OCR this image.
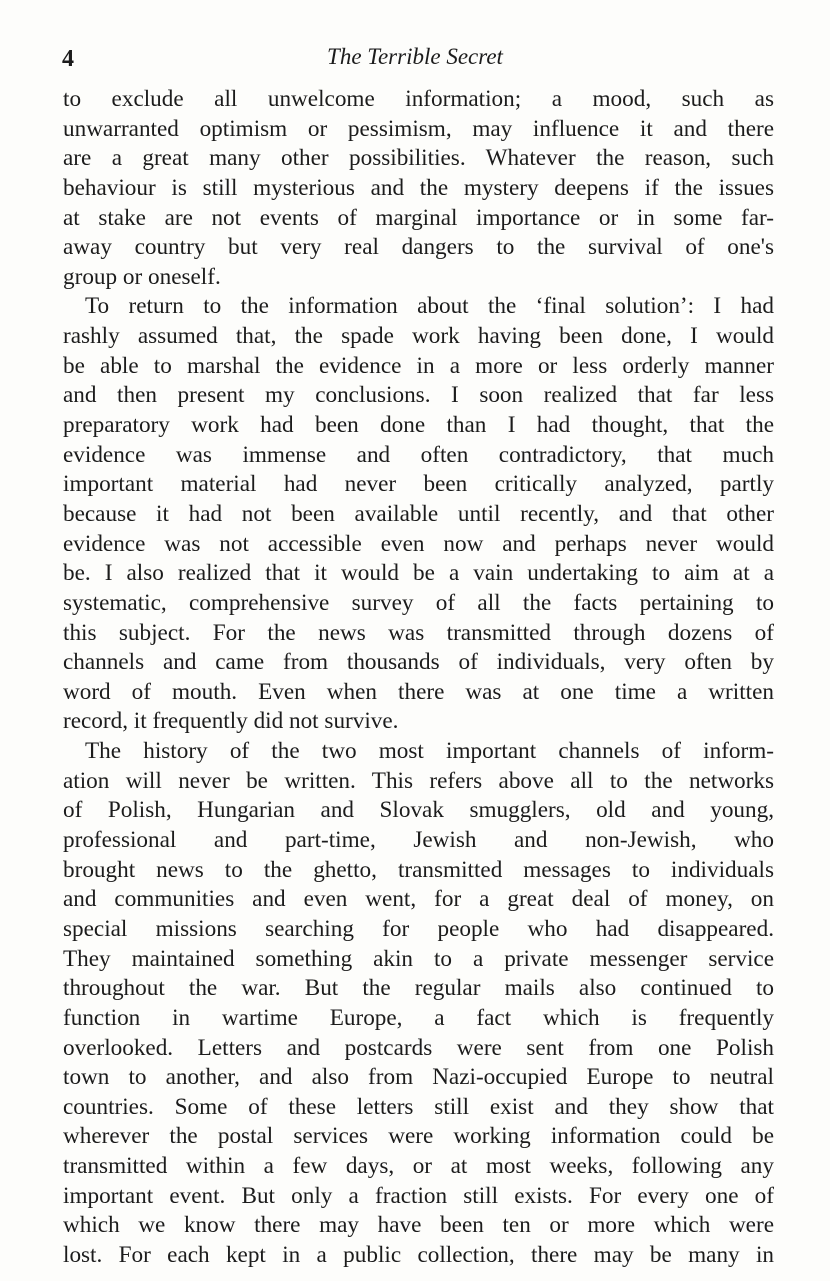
4	The Terrible Secret
to exclude all unwelcome information; a mood, such as
unwarranted optimism or pessimism, may influence it and there
are a great many other possibilities. Whatever the reason, such
behaviour is still mysterious and the mystery deepens if the issues
at stake are not events of marginal importance or in some far-
away country but very real dangers to the survival of one's
group or oneself.
To return to the information about the ‘final solution’: I had
rashly assumed that, the spade work having been done, I would
be able to marshal the evidence in a more or less orderly manner
and then present my conclusions. I soon realized that far less
preparatory work had been done than I had thought, that the
evidence was immense and often contradictory, that much
important material had never been critically analyzed, partly
because it had not been available until recently, and that other
evidence was not accessible even now and perhaps never would
be. I also realized that it would be a vain undertaking to aim at a
systematic, comprehensive survey of all the facts pertaining to
this subject. For the news was transmitted through dozens of
channels and came from thousands of individuals, very often by
word of mouth. Even when there was at one time a written
record, it frequently did not survive.
The history of the two most important channels of inform-
ation will never be written. This refers above all to the networks
of Polish, Hungarian and Slovak smugglers, old and young,
professional and part-time, Jewish and non-Jewish, who
brought news to the ghetto, transmitted messages to individuals
and communities and even went, for a great deal of money, on
special missions searching for people who had disappeared.
They maintained something akin to a private messenger service
throughout the war. But the regular mails also continued to
function in wartime Europe, a fact which is frequently
overlooked. Letters and postcards were sent from one Polish
town to another, and also from Nazi-occupied Europe to neutral
countries. Some of these letters still exist and they show that
wherever the postal services were working information could be
transmitted within a few days, or at most weeks, following any
important event. But only a fraction still exists. For every one of
which we know there may have been ten or more which were
lost. For each kept in a public collection, there may be many in
